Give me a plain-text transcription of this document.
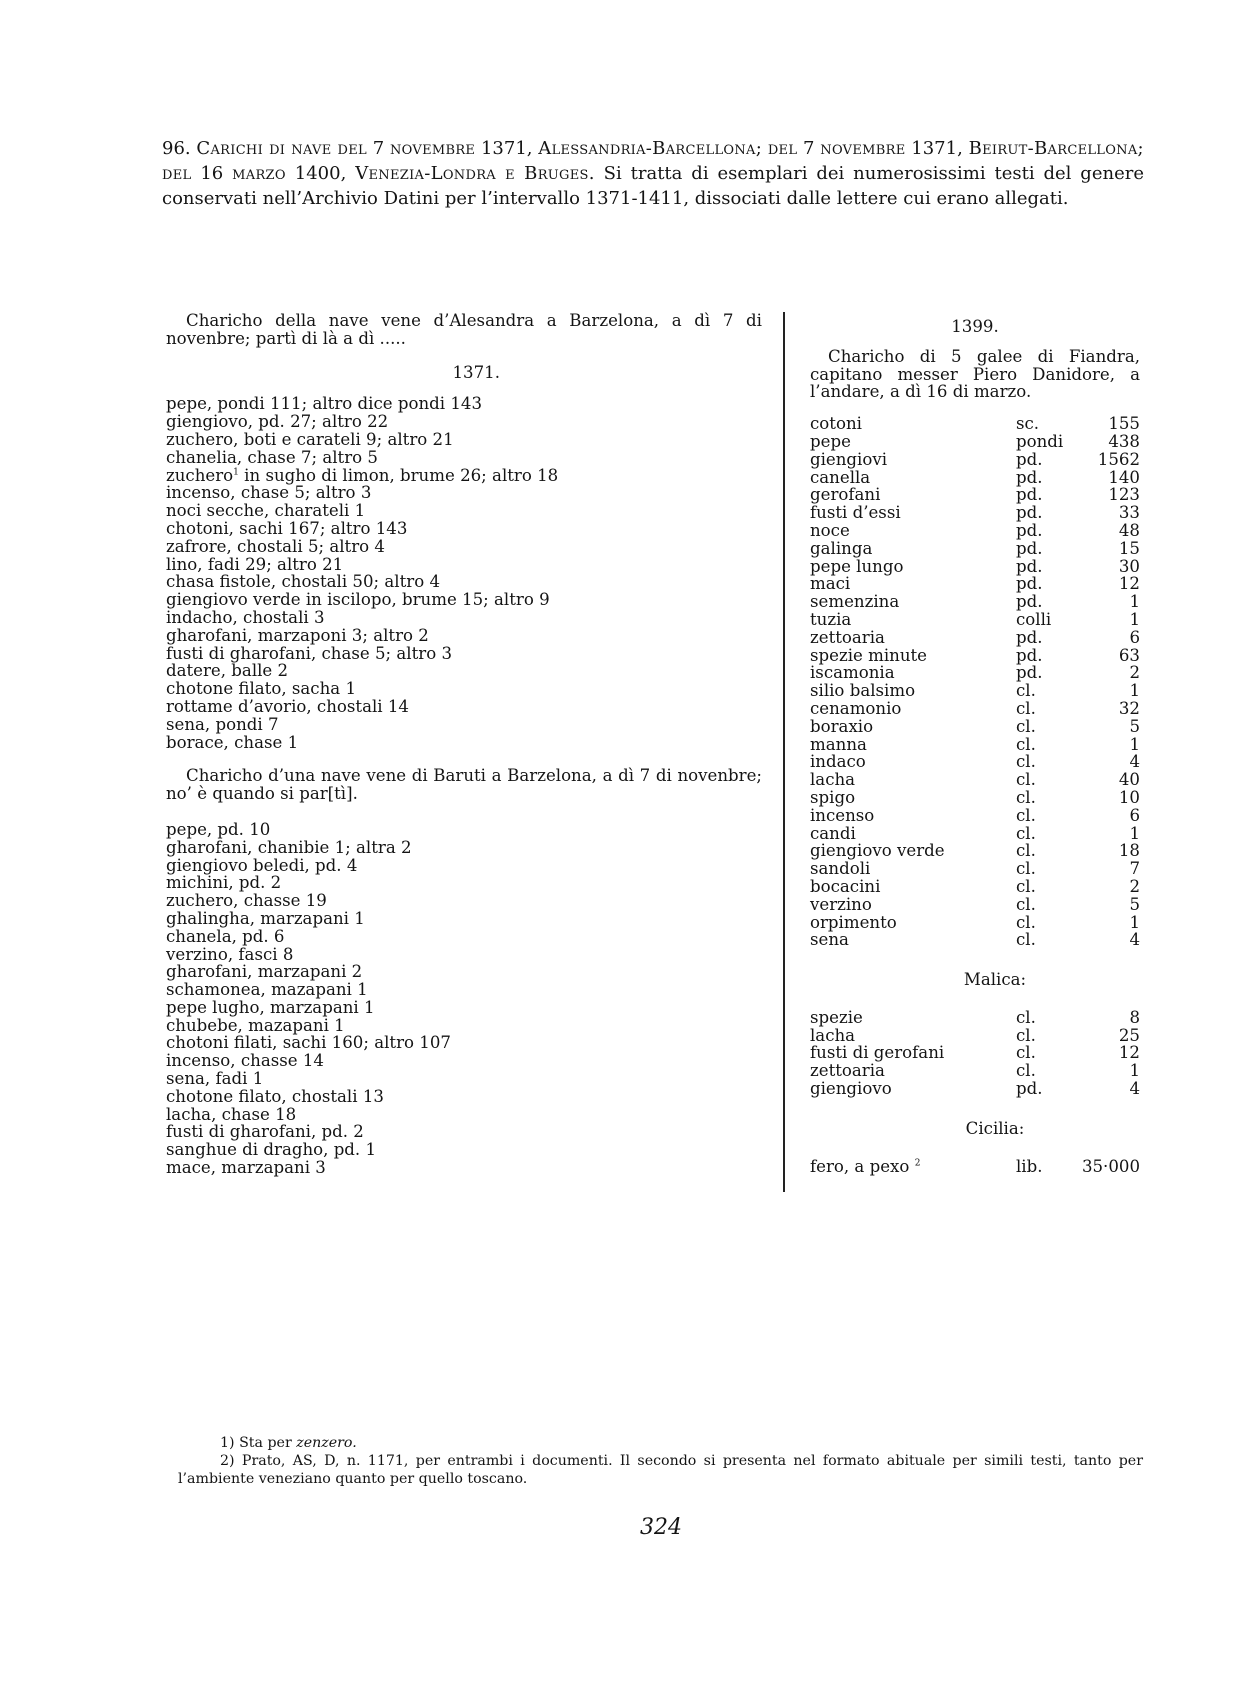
96. Carichi di nave del 7 novembre 1371, Alessandria-Barcellona; del 7 novembre 1371, Beirut-Barcellona; del 16 marzo 1400, Venezia-Londra e Bruges. Si tratta di esemplari dei numerosissimi testi del genere conservati nell’Archivio Datini per l’intervallo 1371-1411, dissociati dalle lettere cui erano allegati.

Charicho della nave vene d’Alesandra a Barzelona, a dì 7 di novenbre; partì di là a dì .....

1371.
pepe, pondi 111; altro dice pondi 143
giengiovo, pd. 27; altro 22
zuchero, boti e carateli 9; altro 21
chanelia, chase 7; altro 5
zuchero$^1$ in sugho di limon, brume 26; altro 18
incenso, chase 5; altro 3
noci secche, charateli 1
chotoni, sachi 167; altro 143
zafrore, chostali 5; altro 4
lino, fadi 29; altro 21
chasa fistole, chostali 50; altro 4
giengiovo verde in iscilopo, brume 15; altro 9
indacho, chostali 3
gharofani, marzaponi 3; altro 2
fusti di gharofani, chase 5; altro 3
datere, balle 2
chotone filato, sacha 1
rottame d’avorio, chostali 14
sena, pondi 7
borace, chase 1

Charicho d’una nave vene di Baruti a Barzelona, a dì 7 di novenbre; no’ è quando si par[tì].

pepe, pd. 10
gharofani, chanibie 1; altra 2
giengiovo beledi, pd. 4
michini, pd. 2
zuchero, chasse 19
ghalingha, marzapani 1
chanela, pd. 6
verzino, fasci 8
gharofani, marzapani 2
schamonea, mazapani 1
pepe lugho, marzapani 1
chubebe, mazapani 1
chotoni filati, sachi 160; altro 107
incenso, chasse 14
sena, fadi 1
chotone filato, chostali 13
lacha, chase 18
fusti di gharofani, pd. 2
sanghue di dragho, pd. 1
mace, marzapani 3
1399.

Charicho di 5 galee di Fiandra, capitano messer Piero Danidore, a l’andare, a dì 16 di marzo.

cotoni	sc.	155
pepe	pondi	438
giengiovi	pd.	1562
canella	pd.	140
gerofani	pd.	123
fusti d’essi	pd.	33
noce	pd.	48
galinga	pd.	15
pepe lungo	pd.	30
maci	pd.	12
semenzina	pd.	1
tuzia	colli	1
zettoaria	pd.	6
spezie minute	pd.	63
iscamonia	pd.	2
silio balsimo	cl.	1
cenamonio	cl.	32
boraxio	cl.	5
manna	cl.	1
indaco	cl.	4
lacha	cl.	40
spigo	cl.	10
incenso	cl.	6
candi	cl.	1
giengiovo verde	cl.	18
sandoli	cl.	7
bocacini	cl.	2
verzino	cl.	5
orpimento	cl.	1
sena	cl.	4
Malica:
spezie	cl.	8
lacha	cl.	25
fusti di gerofani	cl.	12
zettoaria	cl.	1
giengiovo	pd.	4
Cicilia:
fero, a pexo $^2$	lib.	35·000

1) Sta per zenzero.

2) Prato, AS, D, n. 1171, per entrambi i documenti. Il secondo si presenta nel formato abituale per simili testi, tanto per l’ambiente veneziano quanto per quello toscano.

324
